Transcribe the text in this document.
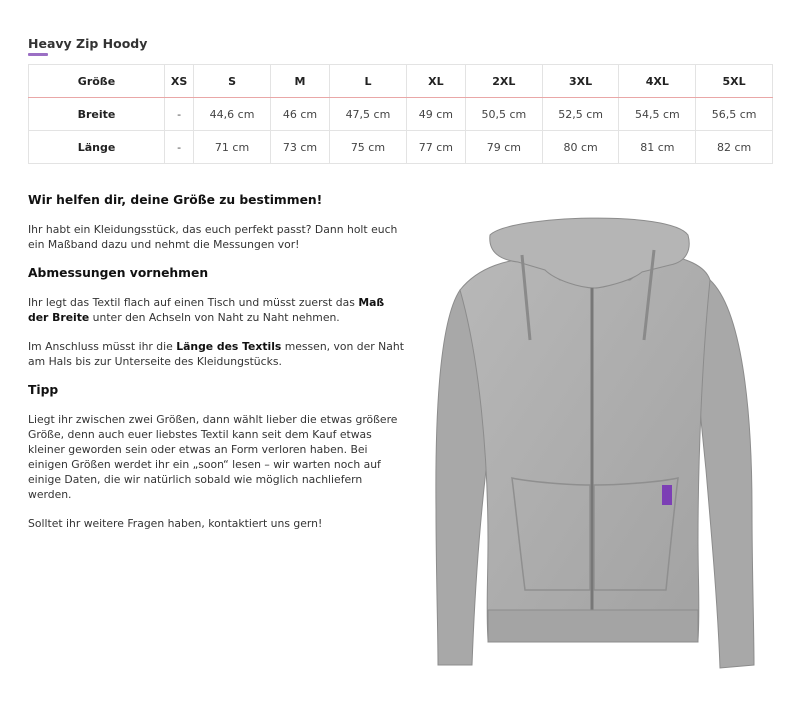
Heavy Zip Hoody
Größe	XS	S	M	L	XL	2XL	3XL	4XL	5XL
Breite	-	44,6 cm	46 cm	47,5 cm	49 cm	50,5 cm	52,5 cm	54,5 cm	56,5 cm
Länge	-	71 cm	73 cm	75 cm	77 cm	79 cm	80 cm	81 cm	82 cm
Wir helfen dir, deine Größe zu bestimmen!

Ihr habt ein Kleidungsstück, das euch perfekt passt? Dann holt euch ein Maßband dazu und nehmt die Messungen vor!

Abmessungen vornehmen

Ihr legt das Textil flach auf einen Tisch und müsst zuerst das Maß der Breite unter den Achseln von Naht zu Naht nehmen.

Im Anschluss müsst ihr die Länge des Textils messen, von der Naht am Hals bis zur Unterseite des Kleidungstücks.

Tipp

Liegt ihr zwischen zwei Größen, dann wählt lieber die etwas größere Größe, denn auch euer liebstes Textil kann seit dem Kauf etwas kleiner geworden sein oder etwas an Form verloren haben. Bei einigen Größen werdet ihr ein „soon“ lesen – wir warten noch auf einige Daten, die wir natürlich sobald wie möglich nachliefern werden.

Solltet ihr weitere Fragen haben, kontaktiert uns gern!
